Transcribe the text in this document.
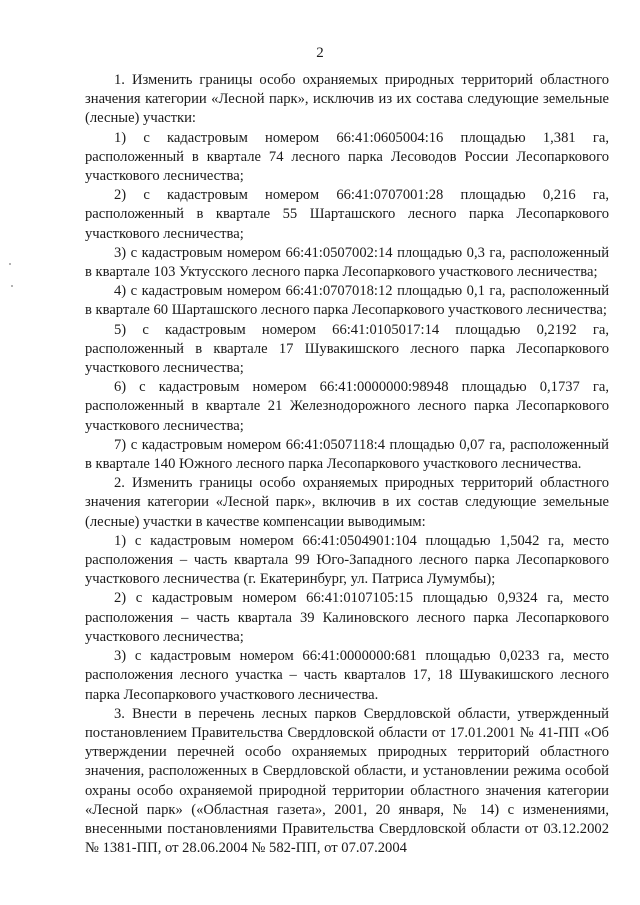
2

1. Изменить границы особо охраняемых природных территорий областного значения категории «Лесной парк», исключив из их состава следующие земельные (лесные) участки:

1) с кадастровым номером 66:41:0605004:16 площадью 1,381 га, расположенный в квартале 74 лесного парка Лесоводов России Лесопаркового участкового лесничества;

2) с кадастровым номером 66:41:0707001:28 площадью 0,216 га, расположенный в квартале 55 Шарташского лесного парка Лесопаркового участкового лесничества;

3) с кадастровым номером 66:41:0507002:14 площадью 0,3 га, расположенный в квартале 103 Уктусского лесного парка Лесопаркового участкового лесничества;

4) с кадастровым номером 66:41:0707018:12 площадью 0,1 га, расположенный в квартале 60 Шарташского лесного парка Лесопаркового участкового лесничества;

5) с кадастровым номером 66:41:0105017:14 площадью 0,2192 га, расположенный в квартале 17 Шувакишского лесного парка Лесопаркового участкового лесничества;

6) с кадастровым номером 66:41:0000000:98948 площадью 0,1737 га, расположенный в квартале 21 Железнодорожного лесного парка Лесопаркового участкового лесничества;

7) с кадастровым номером 66:41:0507118:4 площадью 0,07 га, расположенный в квартале 140 Южного лесного парка Лесопаркового участкового лесничества.

2. Изменить границы особо охраняемых природных территорий областного значения категории «Лесной парк», включив в их состав следующие земельные (лесные) участки в качестве компенсации выводимым:

1) с кадастровым номером 66:41:0504901:104 площадью 1,5042 га, место расположения – часть квартала 99 Юго-Западного лесного парка Лесопаркового участкового лесничества (г. Екатеринбург, ул. Патриса Лумумбы);

2) с кадастровым номером 66:41:0107105:15 площадью 0,9324 га, место расположения – часть квартала 39 Калиновского лесного парка Лесопаркового участкового лесничества;

3) с кадастровым номером 66:41:0000000:681 площадью 0,0233 га, место расположения лесного участка – часть кварталов 17, 18 Шувакишского лесного парка Лесопаркового участкового лесничества.

3. Внести в перечень лесных парков Свердловской области, утвержденный постановлением Правительства Свердловской области от 17.01.2001 № 41-ПП «Об утверждении перечней особо охраняемых природных территорий областного значения, расположенных в Свердловской области, и установлении режима особой охраны особо охраняемой природной территории областного значения категории «Лесной парк» («Областная газета», 2001, 20 января, № 14) с изменениями, внесенными постановлениями Правительства Свердловской области от 03.12.2002 № 1381-ПП, от 28.06.2004 № 582-ПП, от 07.07.2004
